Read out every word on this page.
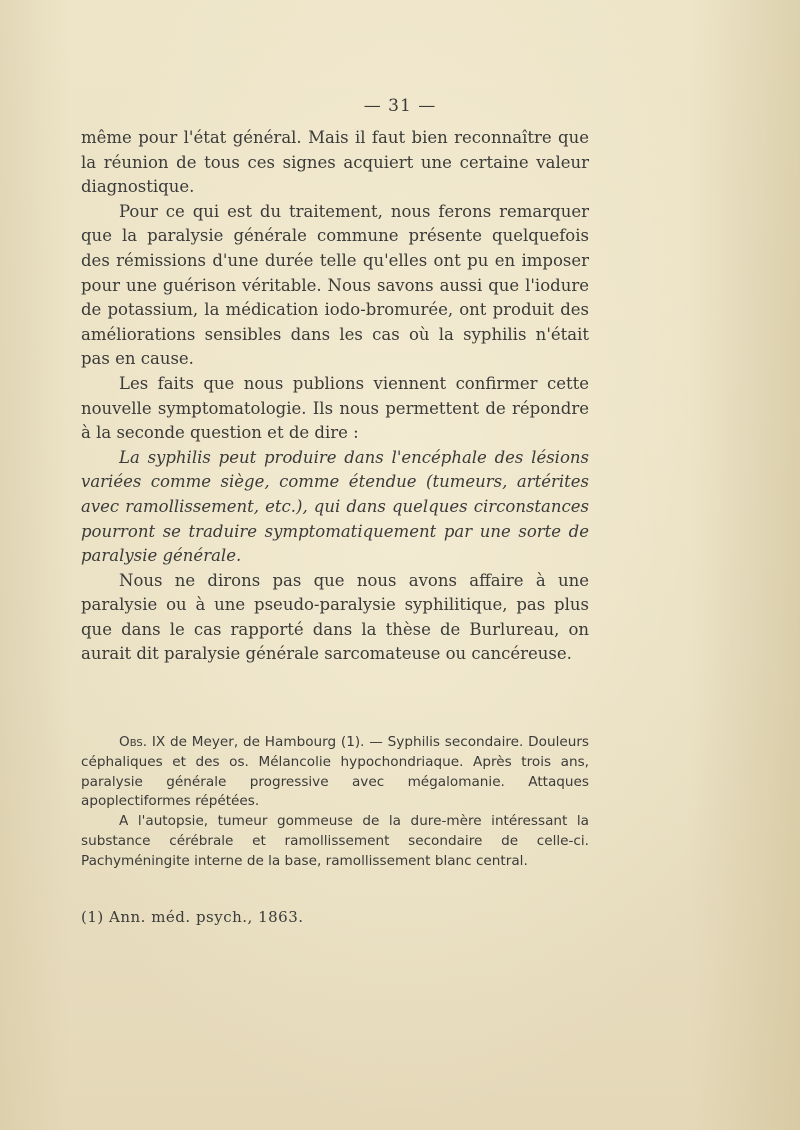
— 31 —

même pour l'état général. Mais il faut bien reconnaître que la réunion de tous ces signes acquiert une certaine valeur diagnostique.

Pour ce qui est du traitement, nous ferons remarquer que la paralysie générale commune présente quelquefois des rémissions d'une durée telle qu'elles ont pu en imposer pour une guérison véritable. Nous savons aussi que l'iodure de potassium, la médication iodo-bromurée, ont produit des améliorations sensibles dans les cas où la syphilis n'était pas en cause.

Les faits que nous publions viennent confirmer cette nouvelle symptomatologie. Ils nous permettent de répondre à la seconde question et de dire :

La syphilis peut produire dans l'encéphale des lésions variées comme siège, comme étendue (tumeurs, artérites avec ramollissement, etc.), qui dans quelques circonstances pourront se traduire symptomatiquement par une sorte de paralysie générale.

Nous ne dirons pas que nous avons affaire à une paralysie ou à une pseudo-paralysie syphilitique, pas plus que dans le cas rapporté dans la thèse de Burlureau, on aurait dit paralysie générale sarcomateuse ou cancéreuse.

Obs. IX de Meyer, de Hambourg (1). — Syphilis secondaire. Douleurs céphaliques et des os. Mélancolie hypochondriaque. Après trois ans, paralysie générale progressive avec mégalomanie. Attaques apoplectiformes répétées.

A l'autopsie, tumeur gommeuse de la dure-mère intéressant la substance cérébrale et ramollissement secondaire de celle-ci. Pachyméningite interne de la base, ramollissement blanc central.

(1) Ann. méd. psych., 1863.
